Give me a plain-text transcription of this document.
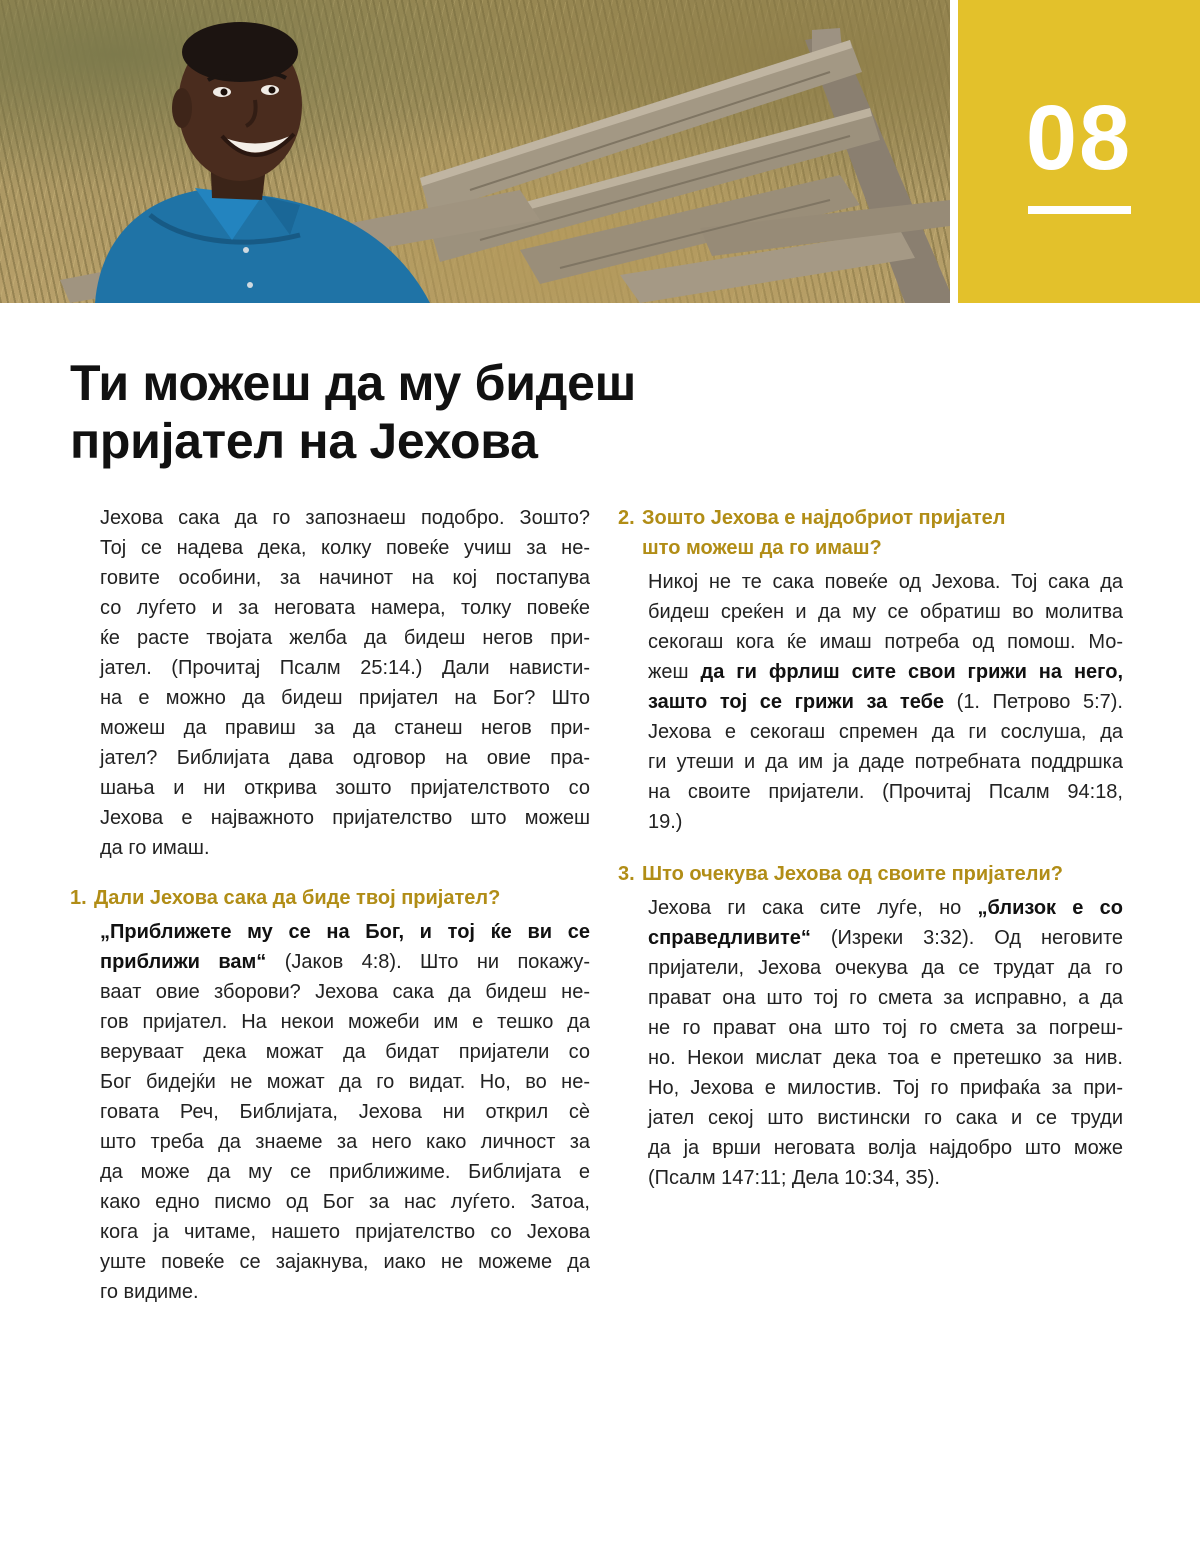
08
Ти можеш да му бидеш
пријател на Јехова

Јехова сака да го запознаеш подобро. Зошто?
Тој се надева дека, колку повеќе учиш за не-
говите особини, за начинот на кој постапува
со луѓето и за неговата намера, толку повеќе
ќе расте твојата желба да бидеш негов при-
јател. (Прочитај Псалм 25:14.) Дали нависти-
на е можно да бидеш пријател на Бог? Што
можеш да правиш за да станеш негов при-
јател? Библијата дава одговор на овие пра-
шања и ни открива зошто пријателството со
Јехова е најважното пријателство што можеш
да го имаш.

1. Дали Јехова сака да биде твој пријател?

„Приближете му се на Бог, и тој ќе ви се
приближи вам“ (Јаков 4:8). Што ни покажу-
ваат овие зборови? Јехова сака да бидеш не-
гов пријател. На некои можеби им е тешко да
веруваат дека можат да бидат пријатели со
Бог бидејќи не можат да го видат. Но, во не-
говата Реч, Библијата, Јехова ни открил сѐ
што треба да знаеме за него како личност за
да може да му се приближиме. Библијата е
како едно писмо од Бог за нас луѓето. Затоа,
кога ја читаме, нашето пријателство со Јехова
уште повеќе се зајакнува, иако не можеме да
го видиме.

2. Зошто Јехова е најдобриот пријател
што можеш да го имаш?

Никој не те сака повеќе од Јехова. Тој сака да
бидеш среќен и да му се обратиш во молитва
секогаш кога ќе имаш потреба од помош. Мо-
жеш да ги фрлиш сите свои грижи на него,
зашто тој се грижи за тебе (1. Петрово 5:7).
Јехова е секогаш спремен да ги сослуша, да
ги утеши и да им ја даде потребната поддршка
на своите пријатели. (Прочитај Псалм 94:18,
19.)

3. Што очекува Јехова од своите пријатели?

Јехова ги сака сите луѓе, но „близок е со
справедливите“ (Изреки 3:32). Од неговите
пријатели, Јехова очекува да се трудат да го
прават она што тој го смета за исправно, а да
не го прават она што тој го смета за погреш-
но. Некои мислат дека тоа е претешко за нив.
Но, Јехова е милостив. Тој го прифаќа за при-
јател секој што вистински го сака и се труди
да ја врши неговата волја најдобро што може
(Псалм 147:11; Дела 10:34, 35).
